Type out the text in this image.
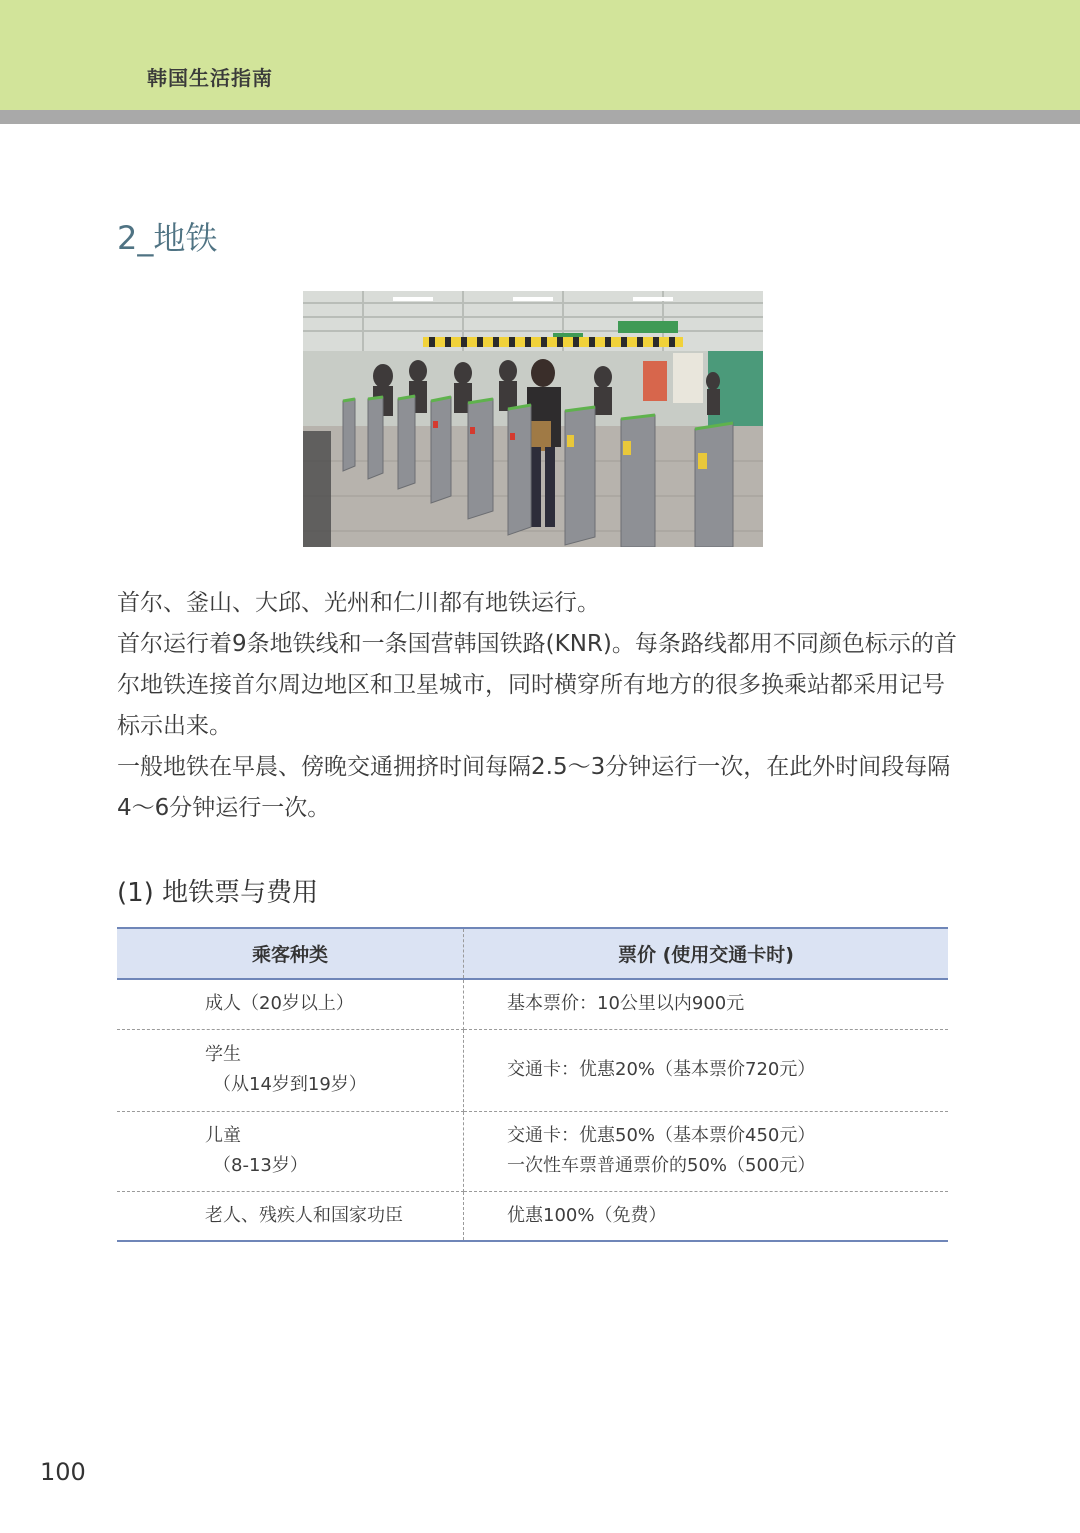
韩国生活指南
2_地铁

首尔、釜山、大邱、光州和仁川都有地铁运行。

首尔运行着9条地铁线和一条国营韩国铁路(KNR)。每条路线都用不同颜色标示的首尔地铁连接首尔周边地区和卫星城市，同时横穿所有地方的很多换乘站都采用记号标示出来。

一般地铁在早晨、傍晚交通拥挤时间每隔2.5～3分钟运行一次，在此外时间段每隔4～6分钟运行一次。

(1) 地铁票与费用
乘客种类	票价 (使用交通卡时)

成人（20岁以上）	基本票价：10公里以内900元

学生
（从14岁到19岁）	交通卡：优惠20%（基本票价720元）

儿童
（8-13岁）	交通卡：优惠50%（基本票价450元）
一次性车票普通票价的50%（500元）

老人、残疾人和国家功臣	优惠100%（免费）
100
